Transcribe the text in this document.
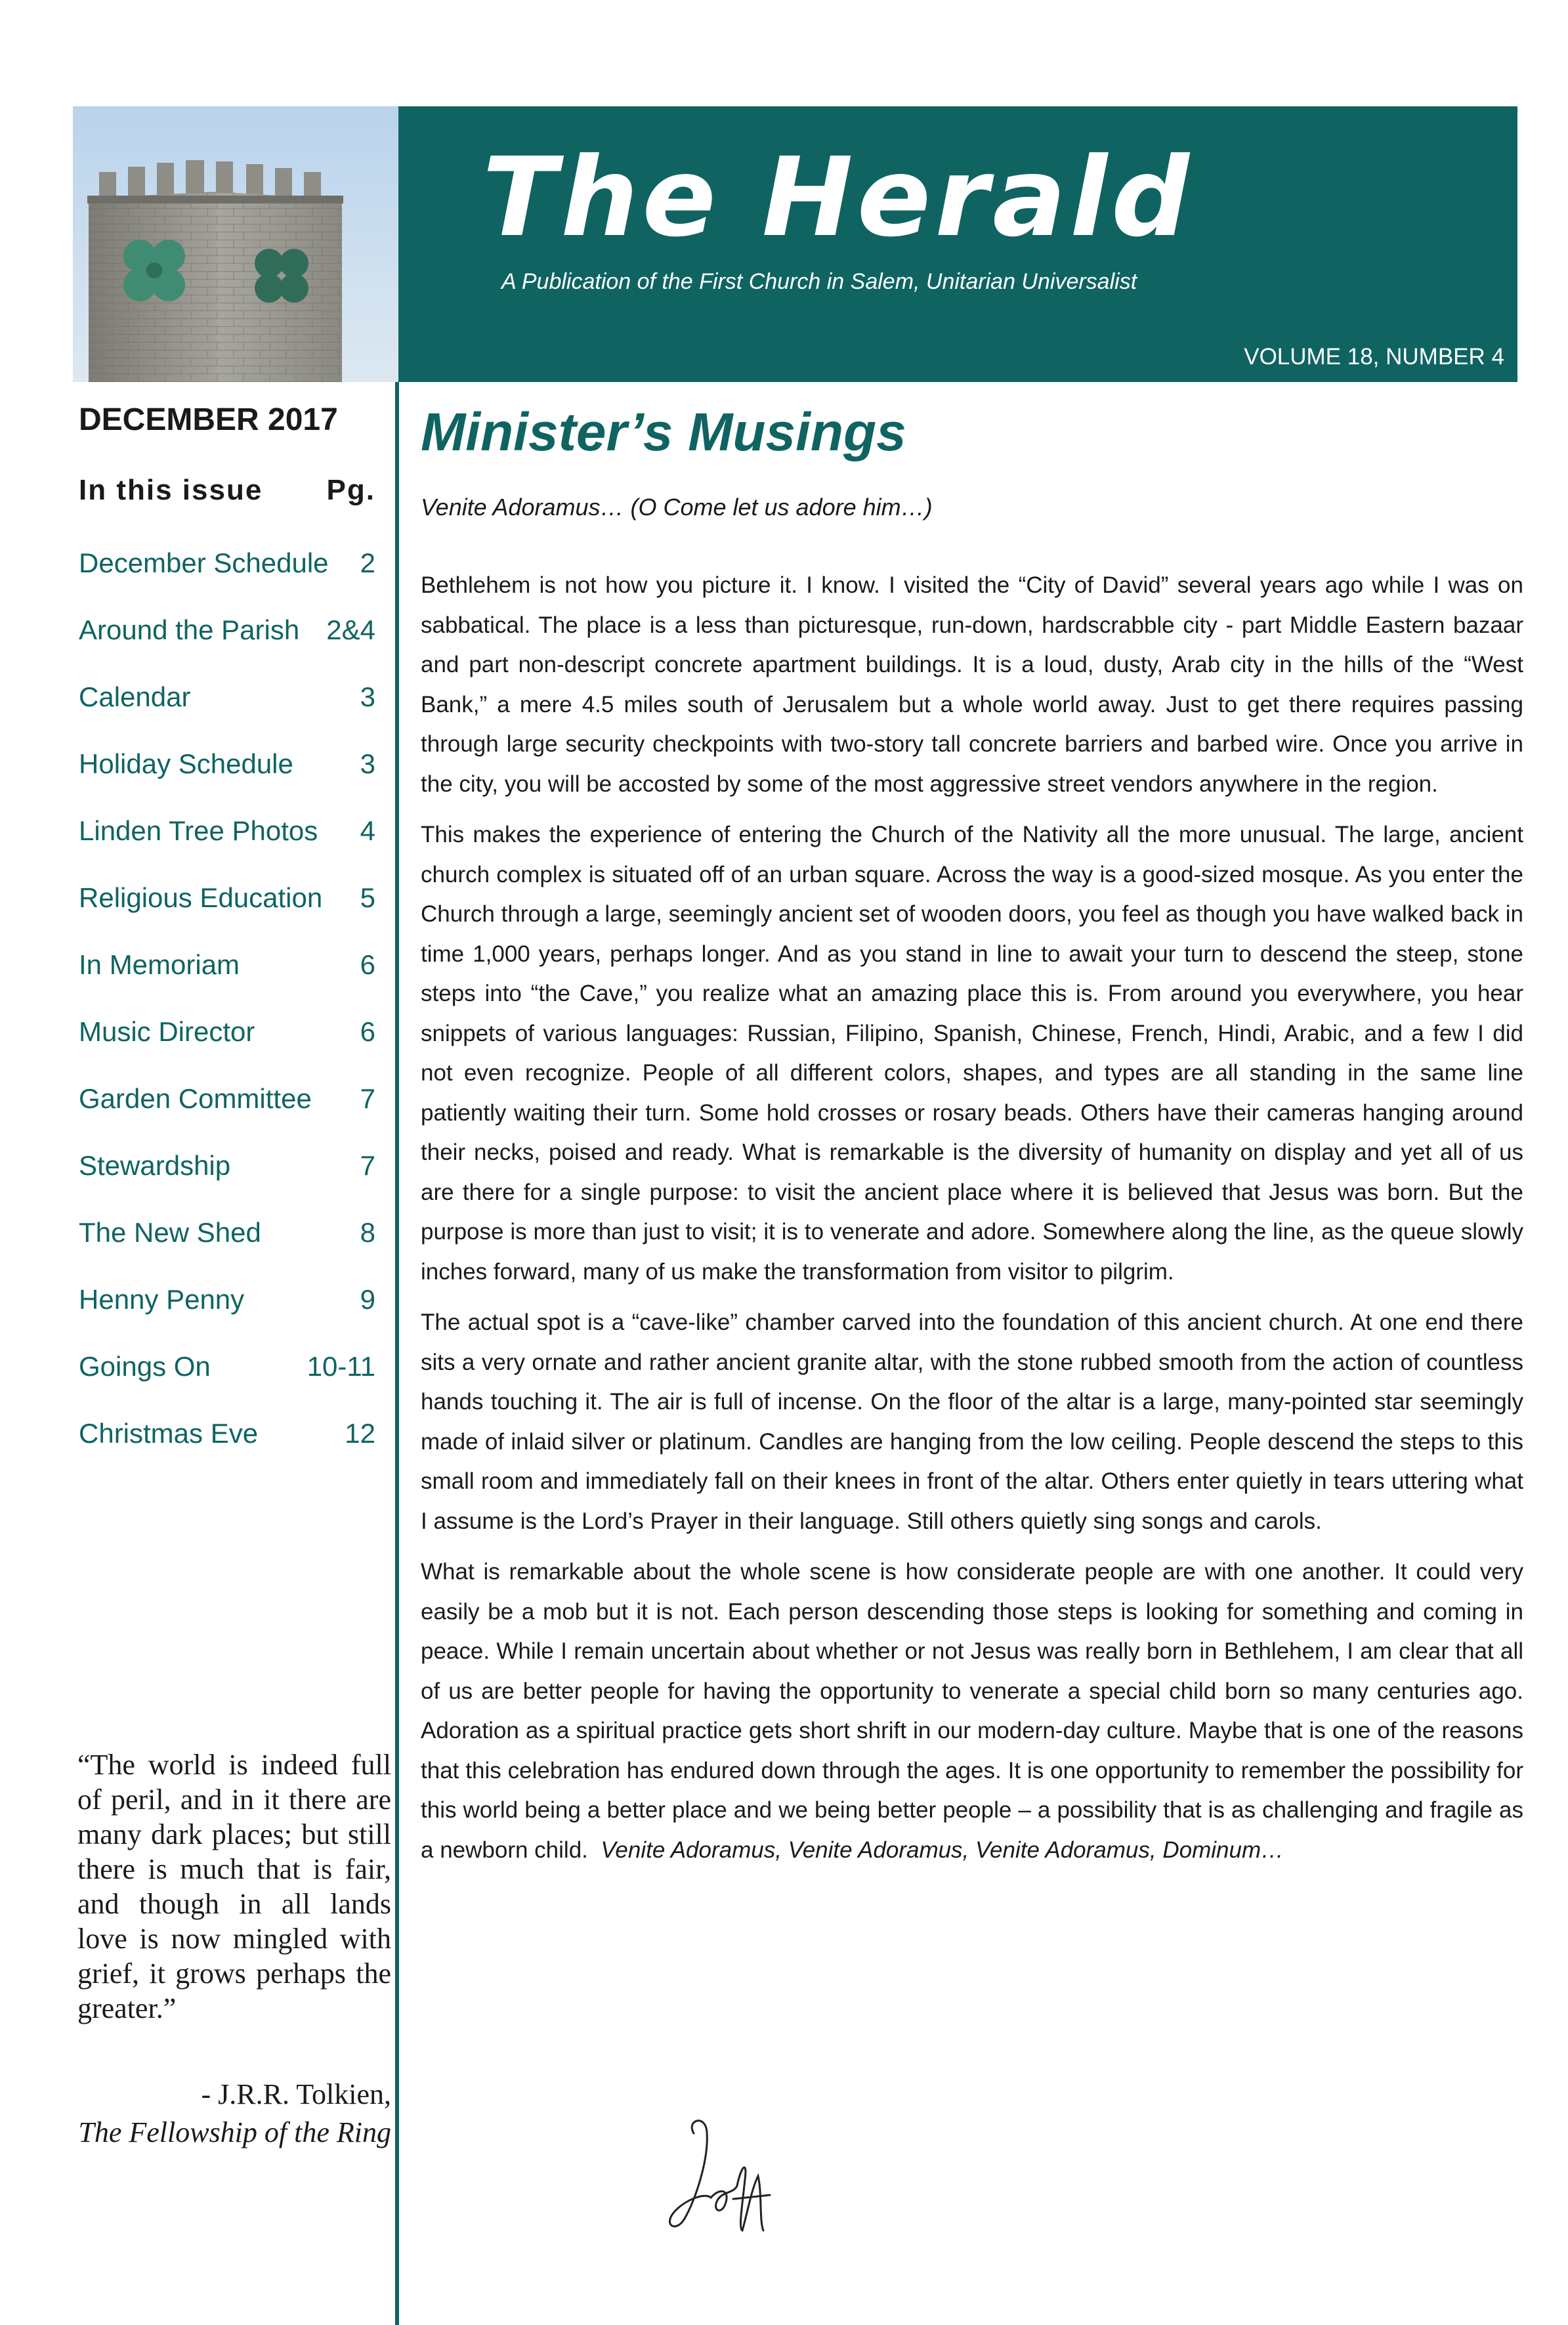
The Herald
A Publication of the First Church in Salem, Unitarian Universalist
VOLUME 18, NUMBER 4
DECEMBER 2017
In this issue Pg.
December Schedule 2
Around the Parish 2&4
Calendar	3
Holiday Schedule 3
Linden Tree Photos 4
Religious Education 5
In Memoriam	6
Music Director	6
Garden Committee 7
Stewardship	7
The New Shed	8
Henny Penny	9
Goings On	10-11
Christmas Eve	12
“The world is indeed full of peril, and in it there are many dark places; but still there is much that is fair, and though in all lands love is now mingled with grief, it grows perhaps the greater.”
- J.R.R. Tolkien,
The Fellowship of the Ring
Minister’s Musings
Venite Adoramus… (O Come let us adore him…)

Bethlehem is not how you picture it. I know. I visited the “City of David” several years ago while I was on sabbatical. The place is a less than picturesque, run-down, hardscrabble city - part Middle Eastern bazaar and part non-descript concrete apartment buildings. It is a loud, dusty, Arab city in the hills of the “West Bank,” a mere 4.5 miles south of Jerusalem but a whole world away. Just to get there requires passing through large security checkpoints with two-story tall concrete barriers and barbed wire. Once you arrive in the city, you will be accosted by some of the most aggressive street vendors anywhere in the region.

This makes the experience of entering the Church of the Nativity all the more unusual. The large, ancient church complex is situated off of an urban square. Across the way is a good-sized mosque. As you enter the Church through a large, seemingly ancient set of wooden doors, you feel as though you have walked back in time 1,000 years, perhaps longer. And as you stand in line to await your turn to descend the steep, stone steps into “the Cave,” you realize what an amazing place this is. From around you everywhere, you hear snippets of various languages: Russian, Filipino, Spanish, Chinese, French, Hindi, Arabic, and a few I did not even recognize. People of all different colors, shapes, and types are all standing in the same line patiently waiting their turn. Some hold crosses or rosary beads. Others have their cameras hanging around their necks, poised and ready. What is remarkable is the diversity of humanity on display and yet all of us are there for a single purpose: to visit the ancient place where it is believed that Jesus was born. But the purpose is more than just to visit; it is to venerate and adore. Somewhere along the line, as the queue slowly inches forward, many of us make the transformation from visitor to pilgrim.

The actual spot is a “cave-like” chamber carved into the foundation of this ancient church. At one end there sits a very ornate and rather ancient granite altar, with the stone rubbed smooth from the action of countless hands touching it. The air is full of incense. On the floor of the altar is a large, many-pointed star seemingly made of inlaid silver or platinum. Candles are hanging from the low ceiling. People descend the steps to this small room and immediately fall on their knees in front of the altar. Others enter quietly in tears uttering what I assume is the Lord’s Prayer in their language. Still others quietly sing songs and carols.

What is remarkable about the whole scene is how considerate people are with one another. It could very easily be a mob but it is not. Each person descending those steps is looking for something and coming in peace. While I remain uncertain about whether or not Jesus was really born in Bethlehem, I am clear that all of us are better people for having the opportunity to venerate a special child born so many centuries ago. Adoration as a spiritual practice gets short shrift in our modern-day culture. Maybe that is one of the reasons that this celebration has endured down through the ages. It is one opportunity to remember the possibility for this world being a better place and we being better people – a possibility that is as challenging and fragile as a newborn child. Venite Adoramus, Venite Adoramus, Venite Adoramus, Dominum…
